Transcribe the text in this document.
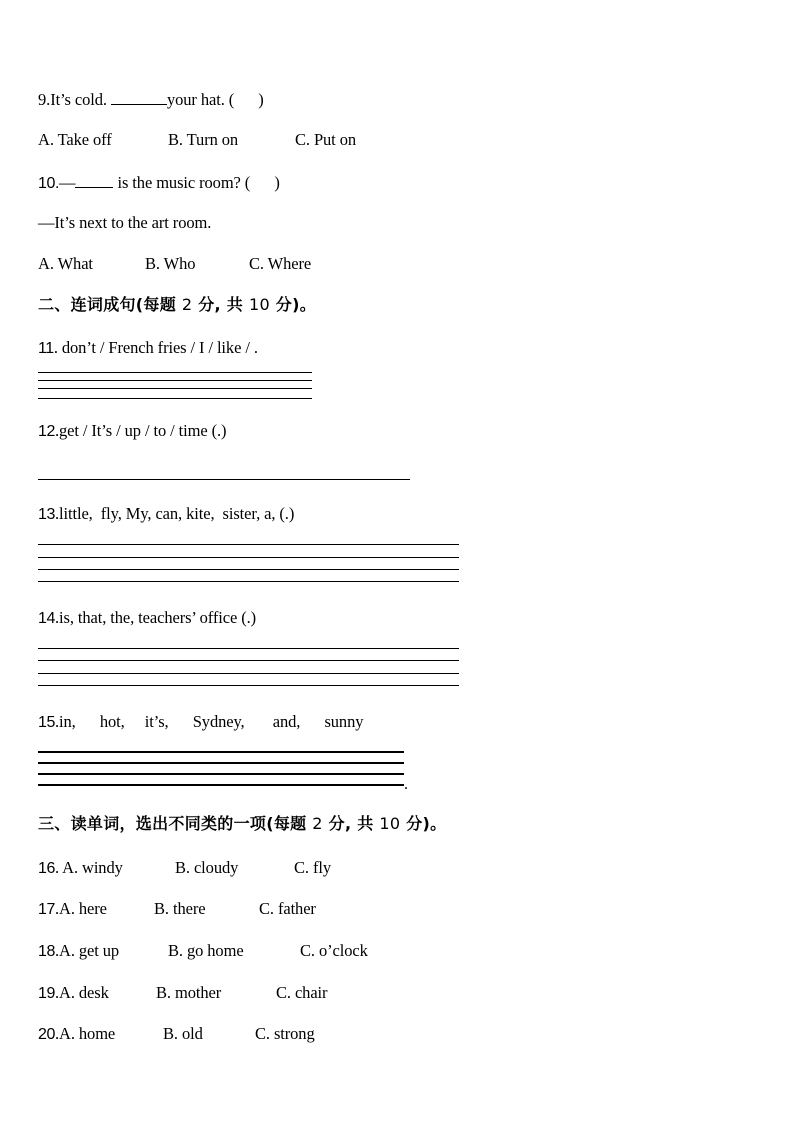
9.It’s cold.	your hat. (      )
A. Take off	B. Turn on	C. Put on
10.— is the music room? (      )
—It’s next to the art room.
A. What	B. Who	C. Where
二、连词成句(每题 2 分, 共 10 分)。
11. don’t / French fries / I / like / .
12.get / It’s / up / to / time (.)
13.little,  fly, My, can, kite,  sister, a, (.)
14.is, that, the, teachers’ office (.)
15.in,      hot,     it’s,      Sydney,       and,      sunny
.
三、读单词，选出不同类的一项(每题 2 分, 共 10 分)。
16. A. windy	B. cloudy	C. fly
17.A. here	B. there	C. father
18.A. get up	B. go home	C. o’clock
19.A. desk	B. mother	C. chair
20.A. home	B. old	C. strong
